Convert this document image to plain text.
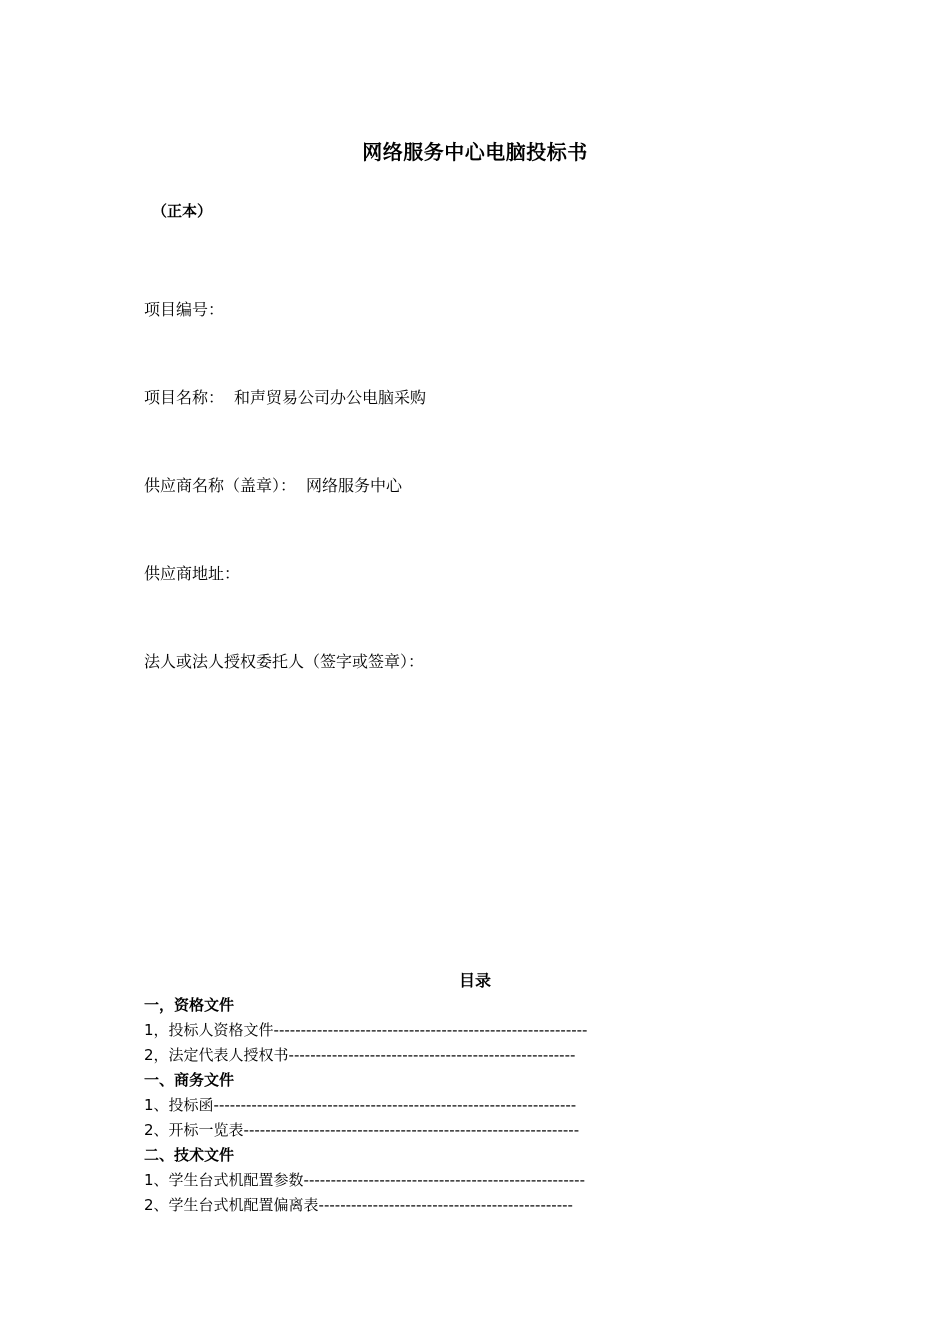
网络服务中心电脑投标书
（正本）
项目编号：
项目名称： 和声贸易公司办公电脑采购
供应商名称（盖章）： 网络服务中心
供应商地址：
法人或法人授权委托人（签字或签章）：
目录
一，资格文件
1，投标人资格文件----------------------------------------------------------
2，法定代表人授权书-----------------------------------------------------
一、商务文件
1、投标函-------------------------------------------------------------------
2、开标一览表--------------------------------------------------------------
二、技术文件
1、学生台式机配置参数----------------------------------------------------
2、学生台式机配置偏离表-----------------------------------------------
